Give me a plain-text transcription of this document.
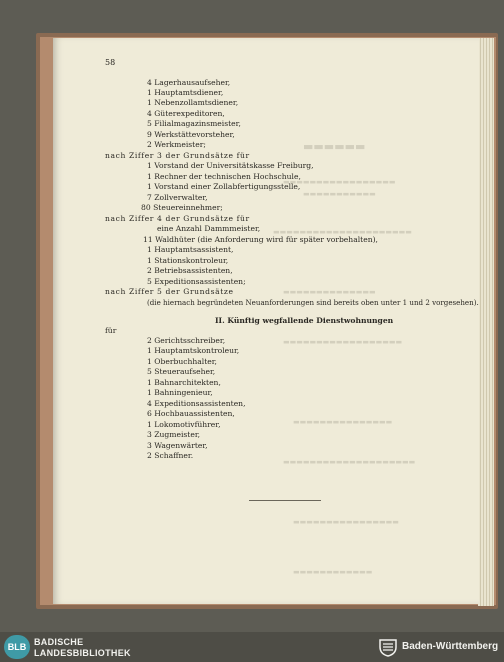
▬▬▬▬▬▬
▬▬▬▬▬▬▬▬▬▬▬▬▬▬▬▬▬
▬▬▬▬▬▬▬▬▬▬▬
▬▬▬▬▬▬▬▬▬▬▬▬▬▬▬▬▬▬▬▬▬
▬▬▬▬▬▬▬▬▬▬▬▬▬▬
▬▬▬▬▬▬▬▬▬▬▬▬▬▬▬▬▬▬
▬▬▬▬▬▬▬▬▬▬▬▬▬▬▬
▬▬▬▬▬▬▬▬▬▬▬▬▬▬▬▬▬▬▬▬
▬▬▬▬▬▬▬▬▬▬▬▬▬▬▬▬
▬▬▬▬▬▬▬▬▬▬▬▬
58
4 Lagerhausaufseher,
1 Hauptamtsdiener,
1 Nebenzollamtsdiener,
4 Güterexpeditoren,
5 Filialmagazinsmeister,
9 Werkstättevorsteher,
2 Werkmeister;
nach Ziffer 3 der Grundsätze für
1 Vorstand der Universitätskasse Freiburg,
1 Rechner der technischen Hochschule,
1 Vorstand einer Zollabfertigungsstelle,
7 Zollverwalter,
80 Steuereinnehmer;
nach Ziffer 4 der Grundsätze für
eine Anzahl Dammmeister,
11 Waldhüter (die Anforderung wird für später vorbehalten),
1 Hauptamtsassistent,
1 Stationskontroleur,
2 Betriebsassistenten,
5 Expeditionsassistenten;
nach Ziffer 5 der Grundsätze
(die hiernach begründeten Neuanforderungen sind bereits oben unter 1 und 2 vorgesehen).
II. Künftig wegfallende Dienstwohnungen
für
2 Gerichtsschreiber,
1 Hauptamtskontroleur,
1 Oberbuchhalter,
5 Steueraufseher,
1 Bahnarchitekten,
1 Bahningenieur,
4 Expeditionsassistenten,
6 Hochbauassistenten,
1 Lokomotivführer,
3 Zugmeister,
3 Wagenwärter,
2 Schaffner.
BLB BADISCHE
LANDESBIBLIOTHEK
Baden-Württemberg
